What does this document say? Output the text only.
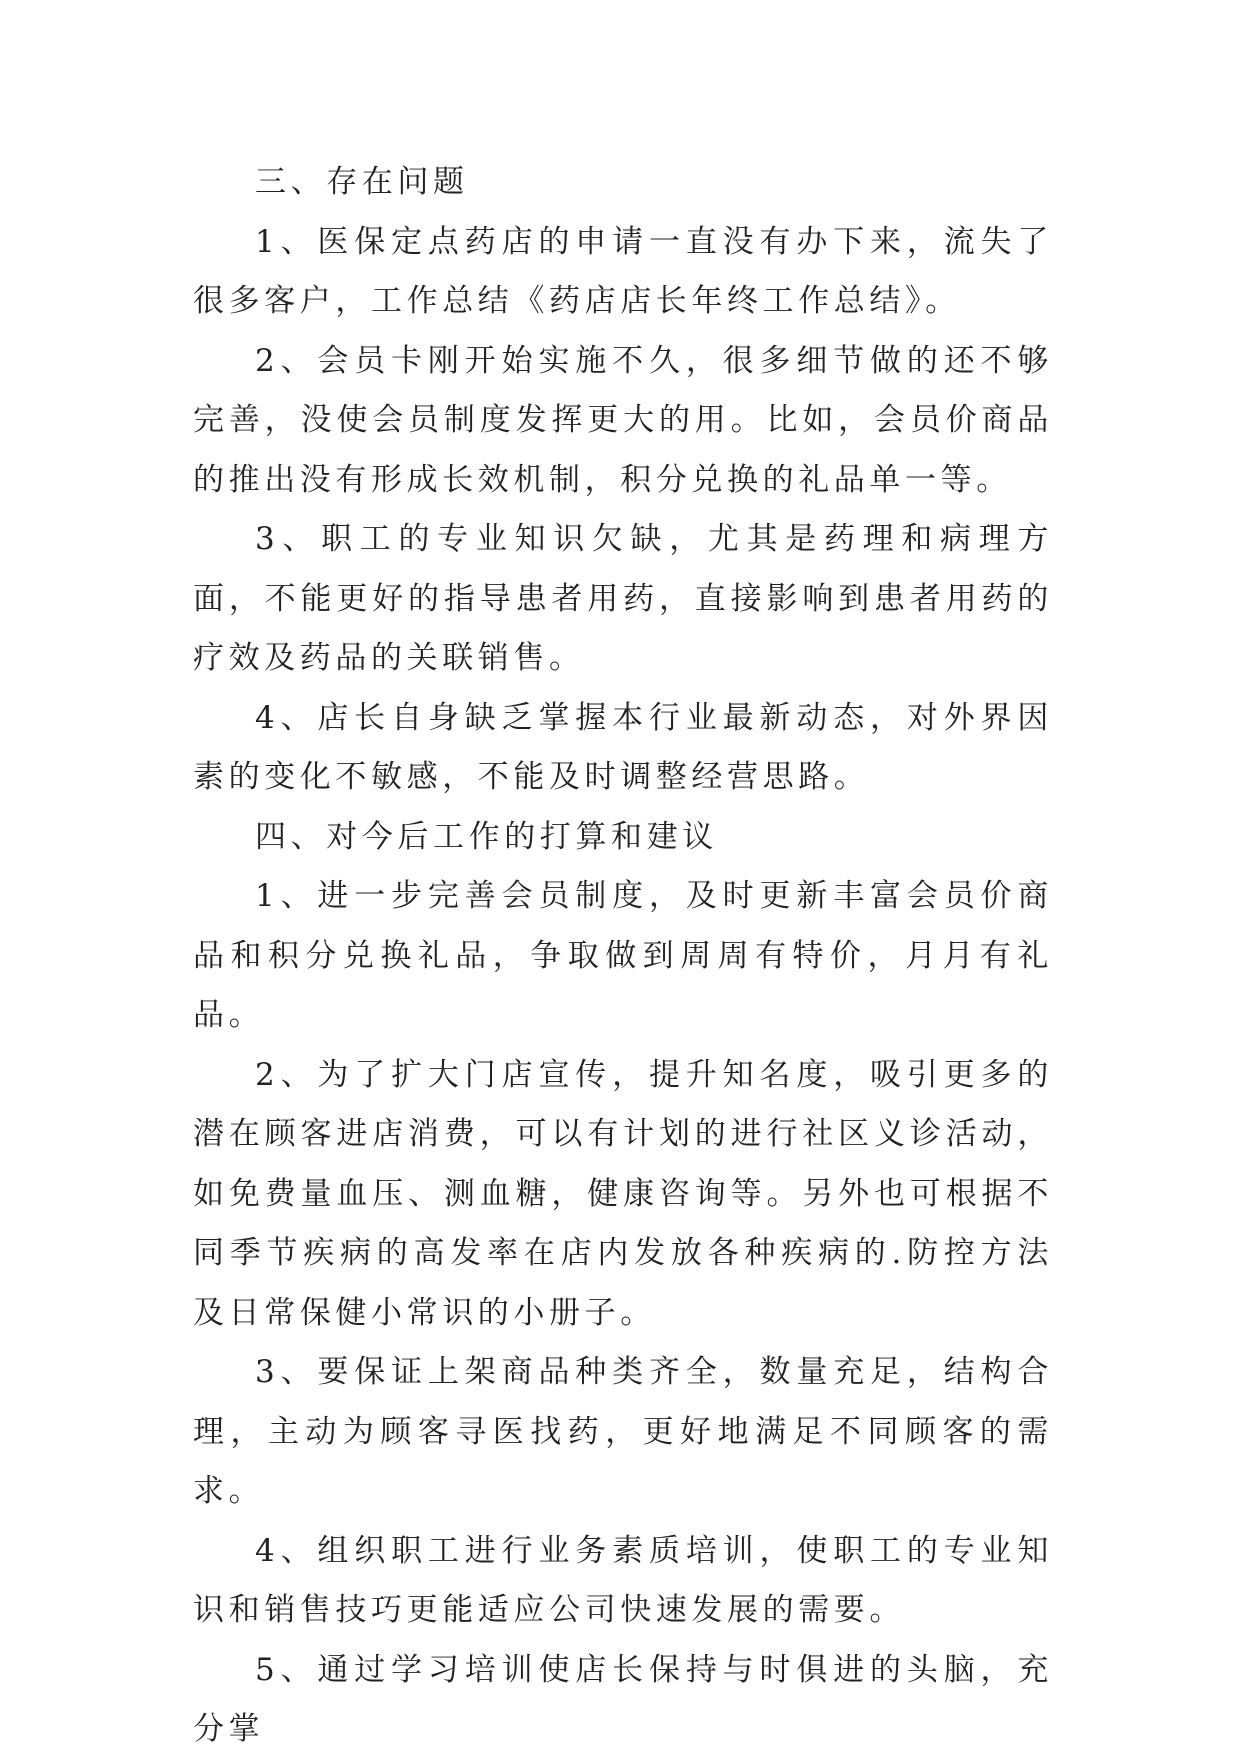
三、存在问题

1、医保定点药店的申请一直没有办下来，流失了很多客户，工作总结《药店店长年终工作总结》。

2、会员卡刚开始实施不久，很多细节做的还不够完善，没使会员制度发挥更大的用。比如，会员价商品的推出没有形成长效机制，积分兑换的礼品单一等。

3、职工的专业知识欠缺，尤其是药理和病理方面，不能更好的指导患者用药，直接影响到患者用药的疗效及药品的关联销售。

4、店长自身缺乏掌握本行业最新动态，对外界因素的变化不敏感，不能及时调整经营思路。

四、对今后工作的打算和建议

1、进一步完善会员制度，及时更新丰富会员价商品和积分兑换礼品，争取做到周周有特价，月月有礼品。

2、为了扩大门店宣传，提升知名度，吸引更多的潜在顾客进店消费，可以有计划的进行社区义诊活动，如免费量血压、测血糖，健康咨询等。另外也可根据不同季节疾病的高发率在店内发放各种疾病的.防控方法及日常保健小常识的小册子。

3、要保证上架商品种类齐全，数量充足，结构合理，主动为顾客寻医找药，更好地满足不同顾客的需求。

4、组织职工进行业务素质培训，使职工的专业知识和销售技巧更能适应公司快速发展的需要。

5、通过学习培训使店长保持与时俱进的头脑，充分掌
